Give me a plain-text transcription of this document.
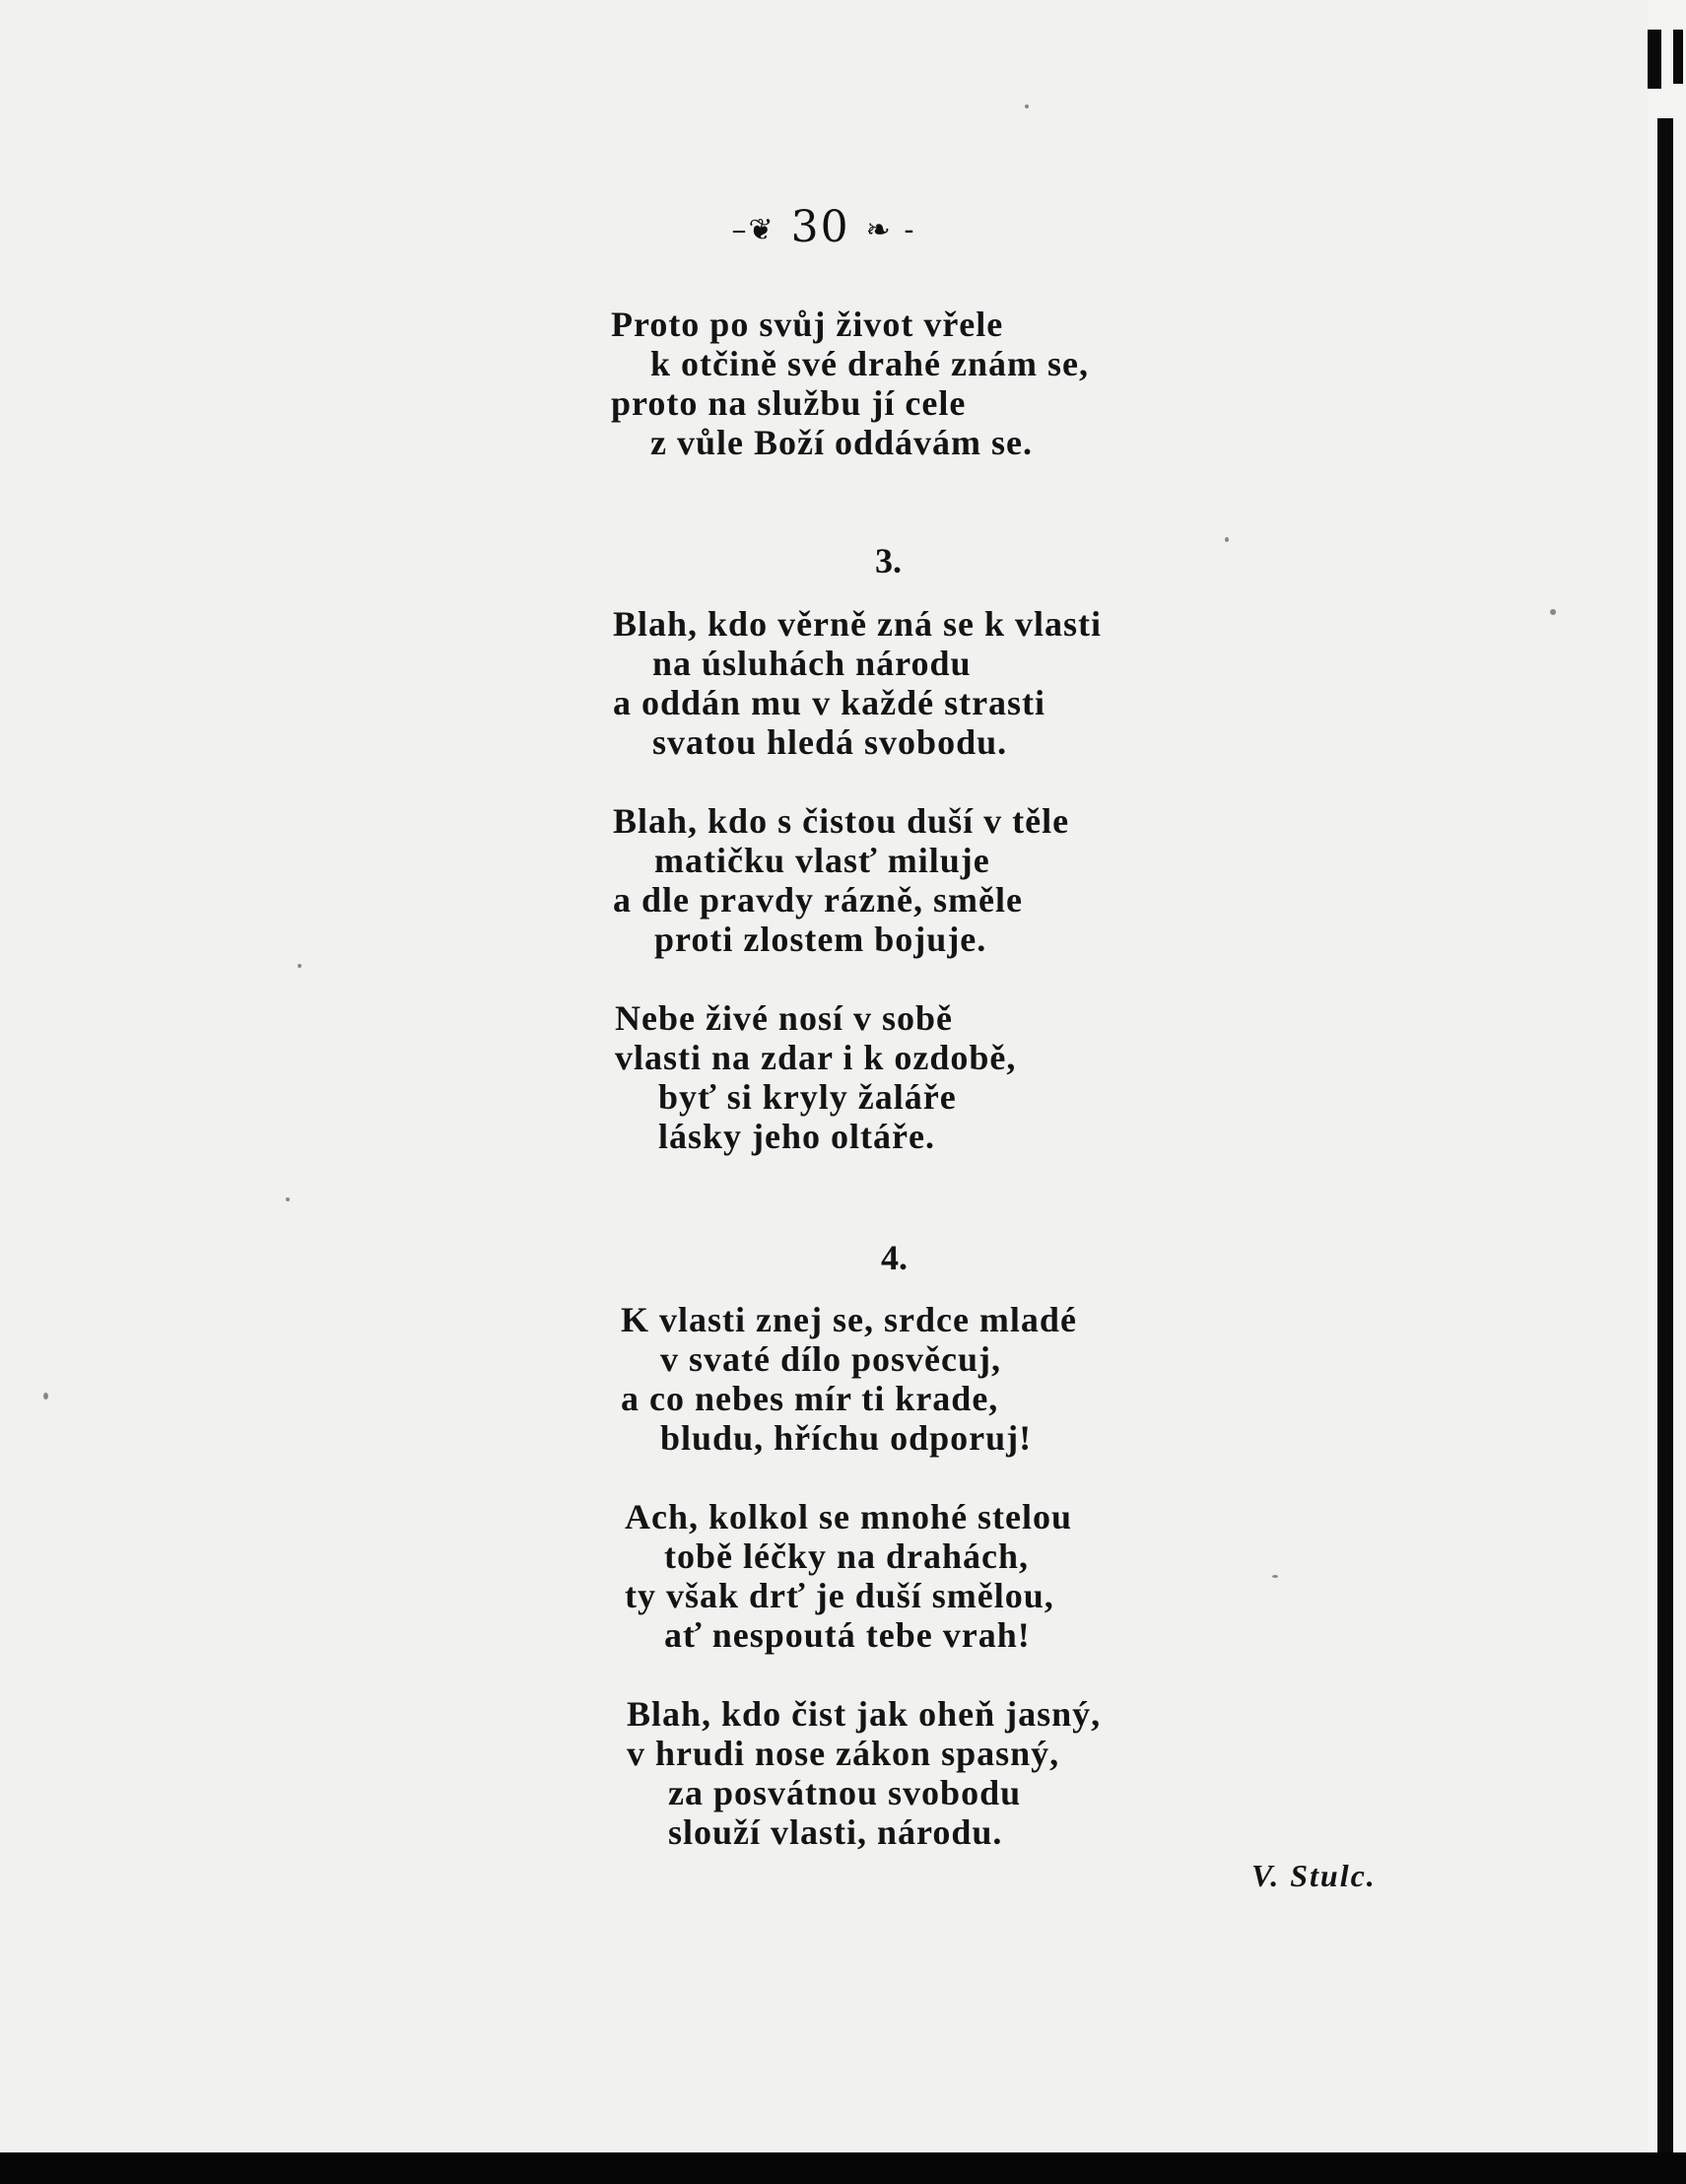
–❦ 30 ❧ -
Proto po svůj život vřele
k otčině své drahé znám se,
proto na službu jí cele
z vůle Boží oddávám se.
3.
Blah, kdo věrně zná se k vlasti
na úsluhách národu
a oddán mu v každé strasti
svatou hledá svobodu.
Blah, kdo s čistou duší v těle
matičku vlasť miluje
a dle pravdy rázně, směle
proti zlostem bojuje.
Nebe živé nosí v sobě
vlasti na zdar i k ozdobě,
byť si kryly žaláře
lásky jeho oltáře.
4.
K vlasti znej se, srdce mladé
v svaté dílo posvěcuj,
a co nebes mír ti krade,
bludu, hříchu odporuj!
Ach, kolkol se mnohé stelou
tobě léčky na drahách,
ty však drť je duší smělou,
ať nespoutá tebe vrah!
Blah, kdo čist jak oheň jasný,
v hrudi nose zákon spasný,
za posvátnou svobodu
slouží vlasti, národu.
V. Stulc.
